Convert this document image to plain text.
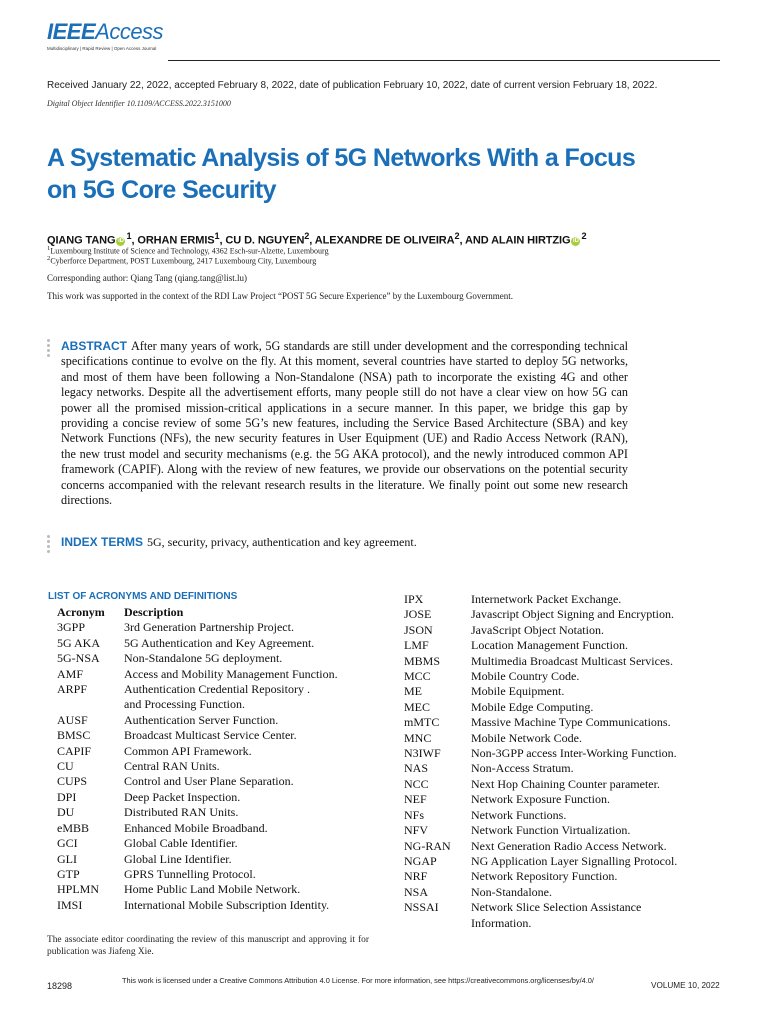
IEEEAccess
Multidisciplinary | Rapid Review | Open Access Journal
Received January 22, 2022, accepted February 8, 2022, date of publication February 10, 2022, date of current version February 18, 2022.
Digital Object Identifier 10.1109/ACCESS.2022.3151000
A Systematic Analysis of 5G Networks With a Focus on 5G Core Security
QIANG TANG iD $^1$, ORHAN ERMIS$^1$, CU D. NGUYEN$^2$, ALEXANDRE DE OLIVEIRA$^2$, AND ALAIN HIRTZIG iD $^2$
$^1$Luxembourg Institute of Science and Technology, 4362 Esch-sur-Alzette, Luxembourg
$^2$Cyberforce Department, POST Luxembourg, 2417 Luxembourg City, Luxembourg
Corresponding author: Qiang Tang (qiang.tang@list.lu)
This work was supported in the context of the RDI Law Project “POST 5G Secure Experience” by the Luxembourg Government.

ABSTRACT After many years of work, 5G standards are still under development and the corresponding technical specifications continue to evolve on the fly. At this moment, several countries have started to deploy 5G networks, and most of them have been following a Non-Standalone (NSA) path to incorporate the existing 4G and other legacy networks. Despite all the advertisement efforts, many people still do not have a clear view on how 5G can power all the promised mission-critical applications in a secure manner. In this paper, we bridge this gap by providing a concise review of some 5G’s new features, including the Service Based Architecture (SBA) and key Network Functions (NFs), the new security features in User Equipment (UE) and Radio Access Network (RAN), the new trust model and security mechanisms (e.g. the 5G AKA protocol), and the newly introduced common API framework (CAPIF). Along with the review of new features, we provide our observations on the potential security concerns accompanied with the relevant research results in the literature. We finally point out some new research directions.

INDEX TERMS 5G, security, privacy, authentication and key agreement.

LIST OF ACRONYMS AND DEFINITIONS
Acronym	Description
3GPP	3rd Generation Partnership Project.
5G AKA	5G Authentication and Key Agreement.
5G-NSA	Non-Standalone 5G deployment.
AMF	Access and Mobility Management Function.
ARPF	Authentication Credential Repository .
and Processing Function.
AUSF	Authentication Server Function.
BMSC	Broadcast Multicast Service Center.
CAPIF	Common API Framework.
CU	Central RAN Units.
CUPS	Control and User Plane Separation.
DPI	Deep Packet Inspection.
DU	Distributed RAN Units.
eMBB	Enhanced Mobile Broadband.
GCI	Global Cable Identifier.
GLI	Global Line Identifier.
GTP	GPRS Tunnelling Protocol.
HPLMN	Home Public Land Mobile Network.
IMSI	International Mobile Subscription Identity.
IPX	Internetwork Packet Exchange.
JOSE	Javascript Object Signing and Encryption.
JSON	JavaScript Object Notation.
LMF	Location Management Function.
MBMS	Multimedia Broadcast Multicast Services.
MCC	Mobile Country Code.
ME	Mobile Equipment.
MEC	Mobile Edge Computing.
mMTC	Massive Machine Type Communications.
MNC	Mobile Network Code.
N3IWF	Non-3GPP access Inter-Working Function.
NAS	Non-Access Stratum.
NCC	Next Hop Chaining Counter parameter.
NEF	Network Exposure Function.
NFs	Network Functions.
NFV	Network Function Virtualization.
NG-RAN	Next Generation Radio Access Network.
NGAP	NG Application Layer Signalling Protocol.
NRF	Network Repository Function.
NSA	Non-Standalone.
NSSAI	Network Slice Selection Assistance
Information.

The associate editor coordinating the review of this manuscript and approving it for publication was Jiafeng Xie.

18298
This work is licensed under a Creative Commons Attribution 4.0 License. For more information, see https://creativecommons.org/licenses/by/4.0/
VOLUME 10, 2022
